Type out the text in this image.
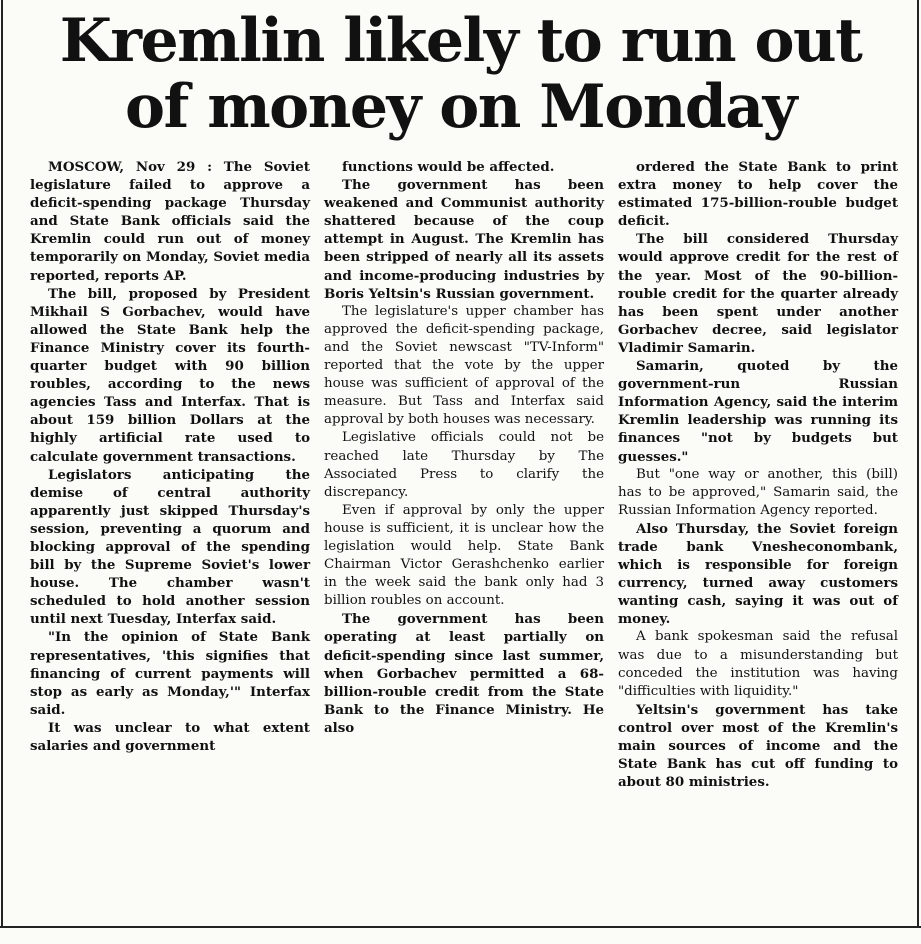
Kremlin likely to run out
of money on Monday

MOSCOW, Nov 29 : The Soviet legislature failed to approve a deficit-spending package Thursday and State Bank officials said the Kremlin could run out of money temporarily on Monday, Soviet media reported, reports AP.

The bill, proposed by President Mikhail S Gorbachev, would have allowed the State Bank help the Finance Ministry cover its fourth-quarter budget with 90 billion roubles, according to the news agencies Tass and Interfax. That is about 159 billion Dollars at the highly artificial rate used to calculate government transactions.

Legislators anticipating the demise of central authority apparently just skipped Thursday's session, preventing a quorum and blocking approval of the spending bill by the Supreme Soviet's lower house. The chamber wasn't scheduled to hold another session until next Tuesday, Interfax said.

"In the opinion of State Bank representatives, 'this signifies that financing of current payments will stop as early as Monday,'" Interfax said.

It was unclear to what extent salaries and government

functions would be affected.

The government has been weakened and Communist authority shattered because of the coup attempt in August. The Kremlin has been stripped of nearly all its assets and income-producing industries by Boris Yeltsin's Russian government.

The legislature's upper chamber has approved the deficit-spending package, and the Soviet newscast "TV-Inform" reported that the vote by the upper house was sufficient of approval of the measure. But Tass and Interfax said approval by both houses was necessary.

Legislative officials could not be reached late Thursday by The Associated Press to clarify the discrepancy.

Even if approval by only the upper house is sufficient, it is unclear how the legislation would help. State Bank Chairman Victor Gerashchenko earlier in the week said the bank only had 3 billion roubles on account.

The government has been operating at least partially on deficit-spending since last summer, when Gorbachev permitted a 68-billion-rouble credit from the State Bank to the Finance Ministry. He also

ordered the State Bank to print extra money to help cover the estimated 175-billion-rouble budget deficit.

The bill considered Thursday would approve credit for the rest of the year. Most of the 90-billion-rouble credit for the quarter already has been spent under another Gorbachev decree, said legislator Vladimir Samarin.

Samarin, quoted by the government-run Russian Information Agency, said the interim Kremlin leadership was running its finances "not by budgets but guesses."

But "one way or another, this (bill) has to be approved," Samarin said, the Russian Information Agency reported.

Also Thursday, the Soviet foreign trade bank Vnesheconombank, which is responsible for foreign currency, turned away customers wanting cash, saying it was out of money.

A bank spokesman said the refusal was due to a misunderstanding but conceded the institution was having "difficulties with liquidity."

Yeltsin's government has take control over most of the Kremlin's main sources of income and the State Bank has cut off funding to about 80 ministries.
